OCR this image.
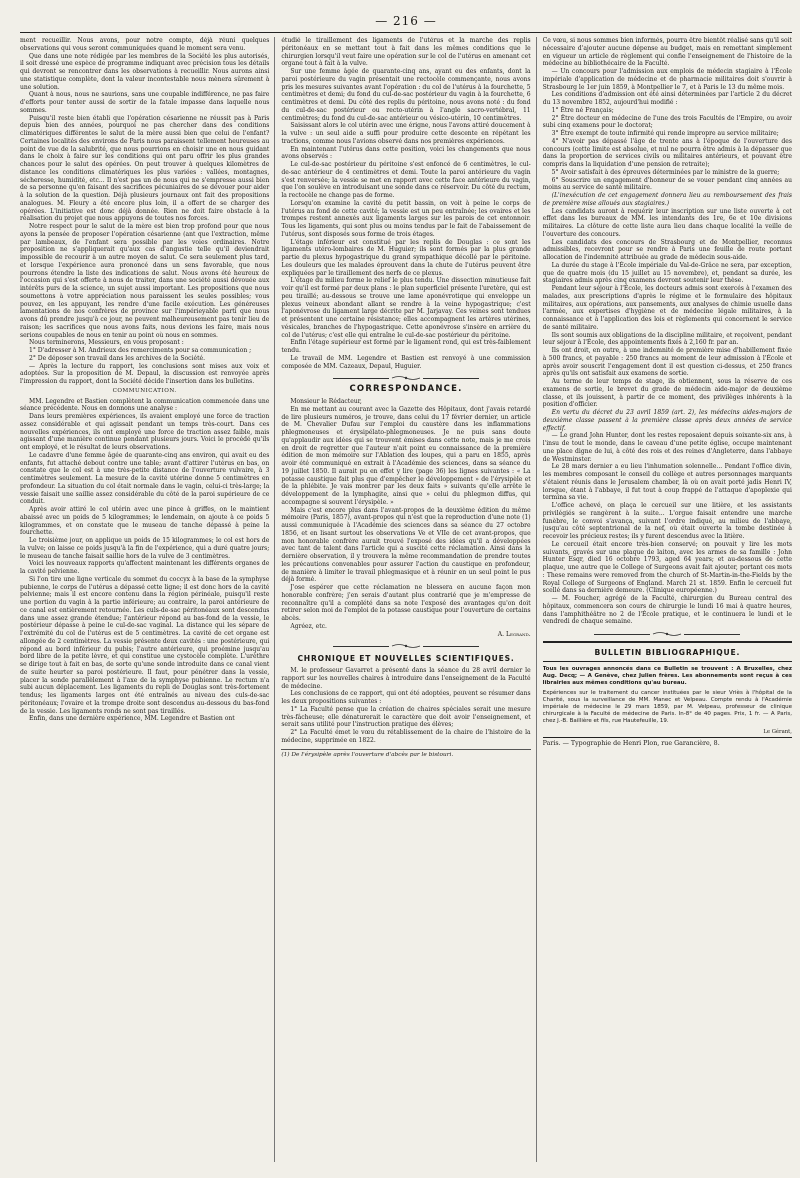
— 216 —

ment recueillir. Nous avons, pour notre compte, déjà réuni quelques observations qui vous seront communiquées quand le moment sera venu.

Que dans une note rédigée par les membres de la Société les plus autorisés, il soit dressé une espèce de programme indiquant avec précision tous les détails qui devront se rencontrer dans les observations à recueillir. Nous aurons ainsi une statistique complète, dont la valeur incontestable nous mènera sûrement à une solution.

Quant à nous, nous ne saurions, sans une coupable indifférence, ne pas faire d'efforts pour tenter aussi de sortir de la fatale impasse dans laquelle nous sommes.

Puisqu'il reste bien établi que l'opération césarienne ne réussit pas à Paris depuis bien des années, pourquoi ne pas chercher dans des conditions climatériques différentes le salut de la mère aussi bien que celui de l'enfant? Certaines localités des environs de Paris nous paraissent tellement heureuses au point de vue de la salubrité, que nous pourrions en choisir une en nous guidant dans le choix à faire sur les conditions qui ont paru offrir les plus grandes chances pour le salut des opérées. On peut trouver à quelques kilomètres de distance les conditions climatériques les plus variées : vallées, montagnes, sécheresse, humidité, etc... Il n'est pas un de nous qui ne s'empresse aussi bien de sa personne qu'en faisant des sacrifices pécuniaires de se dévouer pour aider à la solution de la question. Déjà plusieurs journaux ont fait des propositions analogues. M. Fleury a été encore plus loin, il a offert de se charger des opérées. L'initiative est donc déjà donnée. Rien ne doit faire obstacle à la réalisation du projet que nous appuyons de toutes nos forces.

Notre respect pour le salut de la mère est bien trop profond pour que nous ayons la pensée de proposer l'opération césarienne (ant que l'extraction, même par lambeaux, de l'enfant sera possible par les voies ordinaires. Notre proposition ne s'appliquerait qu'aux cas d'angustie telle qu'il deviendrait impossible de recourir à un autre moyen de salut. Ce sera seulement plus tard, et lorsque l'expérience aura prononcé dans un sens favorable, que nous pourrons étendre la liste des indications de salut. Nous avons été heureux de l'occasion qui s'est offerte à nous de traiter, dans une société aussi dévouée aux intérêts purs de la science, un sujet aussi important. Les propositions que nous soumettons à votre appréciation nous paraissent les seules possibles; vous pouvez, en les appuyant, les rendre d'une facile exécution. Les généreuses lamentations de nos confrères de province sur l'impérieyable parti que nous avons dû prendre jusqu'à ce jour, ne peuvent malheureusement pas tenir lieu de raison; les sacrifices que nous avons faits, nous devions les faire, mais nous serions coupables de nous en tenir au point où nous en sommes.

Nous terminerons, Messieurs, en vous proposant :

1° D'adresser à M. Andrieux des remerciments pour sa communication ;

2° De déposer son travail dans les archives de la Société.

— Après la lecture du rapport, les conclusions sont mises aux voix et adoptées. Sur la proposition de M. Depaul, la discussion est renvoyée après l'impression du rapport, dont la Société décide l'insertion dans les bulletins.

COMMUNICATION.

MM. Legendre et Bastien complètent la communication commencée dans une séance précédente. Nous en donnons une analyse :

Dans leurs premières expériences, ils avaient employé une force de traction assez considérable et qui agissait pendant un temps très-court. Dans ces nouvelles expériences, ils ont employé une force de traction assez faible, mais agissant d'une manière continue pendant plusieurs jours. Voici le procédé qu'ils ont employé, et le résultat de leurs observations.

Le cadavre d'une femme âgée de quarante-cinq ans environ, qui avait eu des enfants, fut attaché debout contre une table; avant d'attirer l'utérus en bas, on constate que le col est à une très-petite distance de l'ouverture vulvaire, à 3 centimètres seulement. La mesure de la cavité utérine donne 5 centimètres en profondeur. La situation du col était normale dans le vagin, celui-ci très-large; la vessie faisait une saillie assez considérable du côté de la paroi supérieure de ce conduit.

Après avoir attiré le col utérin avec une pince à griffes, on le maintient abaissé avec un poids de 5 kilogrammes; le lendemain, on ajoute à ce poids 5 kilogrammes, et on constate que le museau de tanche dépassé à peine la fourchette.

Le troisième jour, on applique un poids de 15 kilogrammes; le col est hors de la vulve; on laisse ce poids jusqu'à la fin de l'expérience, qui a duré quatre jours; le museau de tanche faisait saillie hors de la vulve de 3 centimètres.

Voici les nouveaux rapports qu'affectent maintenant les différents organes de la cavité pelvienne.

Si l'on tire une ligne verticale du sommet du coccyx à la base de la symphyse pubienne, le corps de l'utérus a dépassé cette ligne; il est donc hors de la cavité pelvienne; mais il est encore contenu dans la région périnéale, puisqu'il reste une portion du vagin à la partie inférieure; au contraire, la paroi antérieure de ce canal est entièrement retournée. Les culs-de-sac péritonéaux sont descendus dans une assez grande étendue; l'antérieur répond au bas-fond de la vessie, le postérieur dépasse à peine le cul-de-sac vaginal. La distance qui les sépare de l'extrémité du col de l'utérus est de 5 centimètres. La cavité de cet organe est allongée de 2 centimètres. La vessie présente deux cavités : une postérieure, qui répond au bord inférieur du pubis; l'autre antérieure, qui proémine jusqu'au bord libre de la petite lèvre, et qui constitue une cystocèle complète. L'urèthre se dirige tout à fait en bas, de sorte qu'une sonde introduite dans ce canal vient de suite heurter sa paroi postérieure. Il faut, pour pénétrer dans la vessie, placer la sonde parallèlement à l'axe de la symphyse pubienne. Le rectum n'a subi aucun déplacement. Les ligaments du repli de Douglas sont très-fortement tendus; les ligaments larges ont été entraînés au niveau des culs-de-sac péritonéaux; l'ovaire et la trompe droite sont descendus au-dessous du bas-fond de la vessie. Les ligaments ronds ne sont pas tiraillés.

Enfin, dans une dernière expérience, MM. Legendre et Bastien ont

étudié le tiraillement des ligaments de l'utérus et la marche des replis péritonéaux en se mettant tout à fait dans les mêmes conditions que le chirurgien lorsqu'il veut faire une opération sur le col de l'utérus en amenant cet organe tout à fait à la vulve.

Sur une femme âgée de quarante-cinq ans, ayant eu des enfants, dont la paroi postérieure du vagin présentait une rectocèle commençante, nous avons pris les mesures suivantes avant l'opération : du col de l'utérus à la fourchette, 5 centimètres et demi; du fond du cul-de-sac postérieur du vagin à la fourchette, 6 centimètres et demi. Du côté des replis du péritoine, nous avons noté : du fond du cul-de-sac postérieur ou recto-utérin à l'angle sacro-vertébral, 11 centimètres; du fond du cul-de-sac antérieur ou vésico-utérin, 10 centimètres.

Saisissant alors le col utérin avec une érigne, nous l'avons attiré doucement à la vulve : un seul aide a suffi pour produire cette descente en répétant les tractions, comme nous l'avions observé dans nos premières expériences.

En maintenant l'utérus dans cette position, voici les changements que nous avons observés :

Le cul-de-sac postérieur du péritoine s'est enfoncé de 6 centimètres, le cul-de-sac antérieur de 4 centimètres et demi. Toute la paroi antérieure du vagin s'est renversée; la vessie se met en rapport avec cette face antérieure du vagin, que l'on soulève en introduisant une sonde dans ce réservoir. Du côté du rectum, la rectocèle ne change pas de forme.

Lorsqu'on examine la cavité du petit bassin, on voit à peine le corps de l'utérus au fond de cette cavité; la vessie est un peu entraînée; les ovaires et les trompes restent annexés aux ligaments larges sur les parois de cet entonnoir. Tous les ligaments, qui sont plus ou moins tendus par le fait de l'abaissement de l'utérus, sont disposés sous forme de trois étages.

L'étage inférieur est constitué par les replis de Douglas : ce sont les ligaments utéro-lombaires de M. Huguier; ils sont formés par la plus grande partie du plexus hypogastrique du grand sympathique décollé par le péritoine. Les douleurs que les malades éprouvent dans la chute de l'utérus peuvent être expliquées par le tiraillement des nerfs de ce plexus.

L'étage du milieu forme le relief le plus tendu. Une dissection minutieuse fait voir qu'il est formé par deux plans : le plan superficiel présente l'uretère, qui est peu tiraillé; au-dessous se trouve une lame aponévrotique qui enveloppe un plexus veineux abondant allant se rendre à la veine hypogastrique; c'est l'aponévrose du ligament large décrite par M. Jarjavay. Ces veines sont tendues et présentent une certaine résistance; elles accompagnent les artères utérines, vésicales, branches de l'hypogastrique. Cette aponévrose s'insère en arrière du col de l'utérus; c'est elle qui entraîne le cul-de-sac postérieur du péritoine.

Enfin l'étage supérieur est formé par le ligament rond, qui est très-faiblement tendu.

Le travail de MM. Legendre et Bastien est renvoyé à une commission composée de MM. Cazeaux, Depaul, Huguier.

CORRESPONDANCE.

Monsieur le Rédacteur,

En me mettant au courant avec la Gazette des Hôpitaux, dont j'avais retardé de lire plusieurs numéros, je trouve, dans celui du 17 février dernier, un article de M. Chevalier Dufau sur l'emploi du caustère dans les inflammations phlegmoneuses et érysipélato-phlegmoneuses. Je ne puis sans doute qu'applaudir aux idées qui se trouvent émises dans cette note, mais je me crois en droit de regretter que l'auteur n'ait point eu connaissance de la première édition de mon mémoire sur l'Ablation des loupes, qui a paru en 1855, après avoir été communiqué en extrait à l'Académie des sciences, dans sa séance du 19 juillet 1850. Il aurait pu en effet y lire (page 36) les lignes suivantes : « La potasse caustique fait plus que d'empêcher le développement » de l'érysipèle et de la phlébite. Je vais montrer par les deux faits » suivants qu'elle arrête le développement de la lymphagite, ainsi que » celui du phlegmon diffus, qui accompagne si souvent l'érysipèle. »

Mais c'est encore plus dans l'avant-propos de la deuxième édition du même mémoire (Paris, 1857), avant-propos qui n'est que la reproduction d'une note (1) aussi communiquée à l'Académie des sciences dans sa séance du 27 octobre 1856, et en lisant surtout les observations Ve et VIIe de cet avant-propos, que mon honorable confrère aurait trouvé l'exposé des idées qu'il a développées avec tant de talent dans l'article qui a suscité cette réclamation. Ainsi dans la dernière observation, il y trouvera la même recommandation de prendre toutes les précautions convenables pour assurer l'action du caustique en profondeur, de manière à limiter le travail phlegmasique et à réunir en un seul point le pus déjà formé.

J'ose espérer que cette réclamation ne blessera en aucune façon mon honorable confrère; j'en serais d'autant plus contrarié que je m'empresse de reconnaître qu'il a complété dans sa note l'exposé des avantages qu'on doit retirer selon moi de l'emploi de la potasse caustique pour l'ouverture de certains abcès.

Agréez, etc.

A. Legrand.

CHRONIQUE ET NOUVELLES SCIENTIFIQUES.

M. le professeur Gavarret a présenté dans la séance du 28 avril dernier le rapport sur les nouvelles chaires à introduire dans l'enseignement de la Faculté de médecine.

Les conclusions de ce rapport, qui ont été adoptées, peuvent se résumer dans les deux propositions suivantes :

1° La Faculté pense que la création de chaires spéciales serait une mesure très-fâcheuse; elle dénaturerait le caractère que doit avoir l'enseignement, et serait sans utilité pour l'instruction pratique des élèves;

2° La Faculté émet le vœu du rétablissement de la chaire de l'histoire de la médecine, supprimée en 1822.

(1) De l'érysipèle après l'ouverture d'abcès par le bistouri.

Ce vœu, si nous sommes bien informés, pourra être bientôt réalisé sans qu'il soit nécessaire d'ajouter aucune dépense au budget, mais en remettant simplement en vigueur un article de règlement qui confie l'enseignement de l'histoire de la médecine au bibliothécaire de la Faculté.

— Un concours pour l'admission aux emplois de médecin stagiaire à l'École impériale d'application de médecine et de pharmacie militaires doit s'ouvrir à Strasbourg le 1er juin 1859, à Montpellier le 7, et à Paris le 13 du même mois.

Les conditions d'admission ont été ainsi déterminées par l'article 2 du décret du 13 novembre 1852, aujourd'hui modifié :

1° Être né Français;

2° Être docteur en médecine de l'une des trois Facultés de l'Empire, ou avoir subi cinq examens pour le doctorat;

3° Être exempt de toute infirmité qui rende impropre au service militaire;

4° N'avoir pas dépassé l'âge de trente ans à l'époque de l'ouverture des concours (cette limite est absolue, et nul ne pourra être admis à la dépasser que dans la proportion de services civils ou militaires antérieurs, et pouvant être compris dans la liquidation d'une pension de retraite);

5° Avoir satisfait à des épreuves déterminées par le ministre de la guerre;

6° Souscrire un engagement d'honneur de se vouer pendant cinq années au moins au service de santé militaire.

(L'inexécution de cet engagement donnera lieu au remboursement des frais de première mise alloués aux stagiaires.)

Les candidats auront à requérir leur inscription sur une liste ouverte à cet effet dans les bureaux de MM. les intendants des 1re, 6e et 10e divisions militaires. La clôture de cette liste aura lieu dans chaque localité la veille de l'ouverture des concours.

Les candidats des concours de Strasbourg et de Montpellier, reconnus admissibles, recevront pour se rendre à Paris une feuille de route portant allocation de l'indemnité attribuée au grade de médecin sous-aide.

La durée du stage à l'École impériale du Val-de-Grâce ne sera, par exception, que de quatre mois (du 15 juillet au 15 novembre), et, pendant sa durée, les stagiaires admis après cinq examens devront soutenir leur thèse.

Pendant leur séjour à l'École, les docteurs admis sont exercés à l'examen des malades, aux prescriptions d'après le régime et le formulaire des hôpitaux militaires, aux opérations, aux pansements, aux analyses de chimie usuelle dans l'armée, aux expertises d'hygiène et de médecine légale militaires, à la connaissance et à l'application des lois et règlements qui concernent le service de santé militaire.

Ils sont soumis aux obligations de la discipline militaire, et reçoivent, pendant leur séjour à l'École, des appointements fixés à 2,160 fr. par an.

Ils ont droit, en outre, à une indemnité de première mise d'habillement fixée à 500 francs, et payable : 250 francs au moment de leur admission à l'École et après avoir souscrit l'engagement dont il est question ci-dessus, et 250 francs après qu'ils ont satisfait aux examens de sortie.

Au terme de leur temps de stage, ils obtiennent, sous la réserve de ces examens de sortie, le brevet du grade de médecin aide-major de deuxième classe, et ils jouissent, à partir de ce moment, des privilèges inhérents à la position d'officier.

En vertu du décret du 23 avril 1859 (art. 2), les médecins aides-majors de deuxième classe passent à la première classe après deux années de service effectif.

— Le grand John Hunter, dont les restes reposaient depuis soixante-six ans, à l'insu de tout le monde, dans le caveau d'une petite église, occupe maintenant une place digne de lui, à côté des rois et des reines d'Angleterre, dans l'abbaye de Westminster.

Le 28 mars dernier a eu lieu l'inhumation solennelle... Pendant l'office divin, les membres composant le conseil du collège et autres personnages marquants s'étaient réunis dans le Jerusalem chamber, là où on avait porté jadis Henri IV, lorsque, étant à l'abbaye, il fut tout à coup frappé de l'attaque d'apoplexie qui termina sa vie.

L'office achevé, on plaça le cercueil sur une litière, et les assistants privilégiés se rangèrent à la suite... L'orgue faisait entendre une marche funèbre, le convoi s'avança, suivant l'ordre indiqué, au milieu de l'abbaye, jusqu'au côté septentrional de la nef, où était ouverte la tombe destinée à recevoir les précieux restes; ils y furent descendus avec la litière.

Le cercueil était encore très-bien conservé; on pouvait y lire les mots suivants, gravés sur une plaque de laiton, avec les armes de sa famille : John Hunter Esqr, died 16 octobre 1793, aged 64 years; et au-dessous de cette plaque, une autre que le College of Surgeons avait fait ajouter, portant ces mots : These remains were removed from the church of St-Martin-in-the-Fields by the Royal College of Surgeons of England. March 21 st. 1859. Enfin le cercueil fut scellé dans sa dernière demeure. (Clinique européenne.)

— M. Foucher, agrégé de la Faculté, chirurgien du Bureau central des hôpitaux, commencera son cours de chirurgie le lundi 16 mai à quatre heures, dans l'amphithéâtre no 2 de l'École pratique, et le continuera le lundi et le vendredi de chaque semaine.

BULLETIN BIBLIOGRAPHIQUE.
Tous les ouvrages annoncés dans ce Bulletin se trouvent : A Bruxelles, chez Aug. Decq; — A Genève, chez Julien frères. Les abonnements sont reçus à ces librairies aux mêmes conditions qu'au bureau.
Expériences sur le traitement du cancer instituées par le sieur Vriès à l'hôpital de la Charité, sous la surveillance de MM. Manec et Velpeau. Compte rendu à l'Académie impériale de médecine le 29 mars 1859, par M. Velpeau, professeur de clinique chirurgicale à la Faculté de médecine de Paris. In-8° de 40 pages. Prix, 1 fr. — A Paris, chez J.-B. Baillière et fils, rue Hautefeuille, 19.
Le Gérant,

Paris. — Typographie de Henri Plon, rue Garancière, 8.
